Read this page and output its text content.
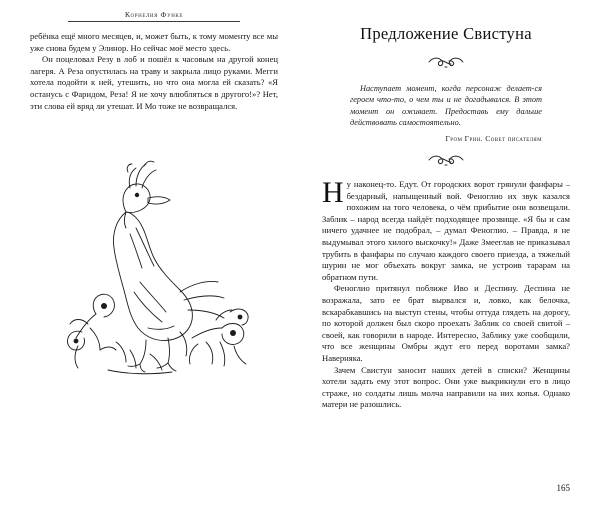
Корнелия Функе

ребёнка ещё много месяцев, и, может быть, к тому моменту все мы уже снова будем у Элинор. Но сейчас моё место здесь.

Он поцеловал Резу в лоб и пошёл к часовым на другой конец лагеря. А Реза опустилась на траву и закрыла лицо руками. Мегги хотела подойти к ней, утешить, но что она могла ей сказать? «Я останусь с Фаридом, Реза! Я не хочу влюбляться в другого!»? Нет, эти слова ей вряд ли утешат. И Мо тоже не возвращался.

Предложение Свистуна

Наступает момент, когда персонаж делает-ся героем что-то, о чем ты и не догадывался. В этот момент он оживает. Предоставь ему дальше действовать самостоятельно.

Гром Грин. Совет писателям
Н у наконец-то. Едут. От городских ворот грянули фанфары – бездарный, напыщенный вой. Феноглио их звук казался похожим на того человека, о чём прибытие они возвещали. Заблик – народ всегда найдёт подходящее прозвище. «Я бы и сам ничего удачнее не подобрал, – думал Феноглио. – Правда, я не выдумывал этого хилого выскочку!» Даже Змееглав не приказывал трубить в фанфары по случаю каждого своего приезда, а тяжелый шурин не мог объехать вокруг замка, не устроив тарарам на обратном пути.

Феноглио притянул поближе Иво и Деспину. Деспина не возражала, зато ее брат вырвался и, ловко, как белочка, вскарабкавшись на выступ стены, чтобы оттуда глядеть на дорогу, по которой должен был скоро проехать Заблик со своей свитой – своей, как говорили в народе. Интересно, Заблику уже сообщили, что все женщины Омбры ждут его перед воротами замка? Наверняка.

Зачем Свистун заносит наших детей в списки? Женщины хотели задать ему этот вопрос. Они уже выкрикнули его в лицо страже, но солдаты лишь молча направили на них копья. Однако матери не разошлись.

165
